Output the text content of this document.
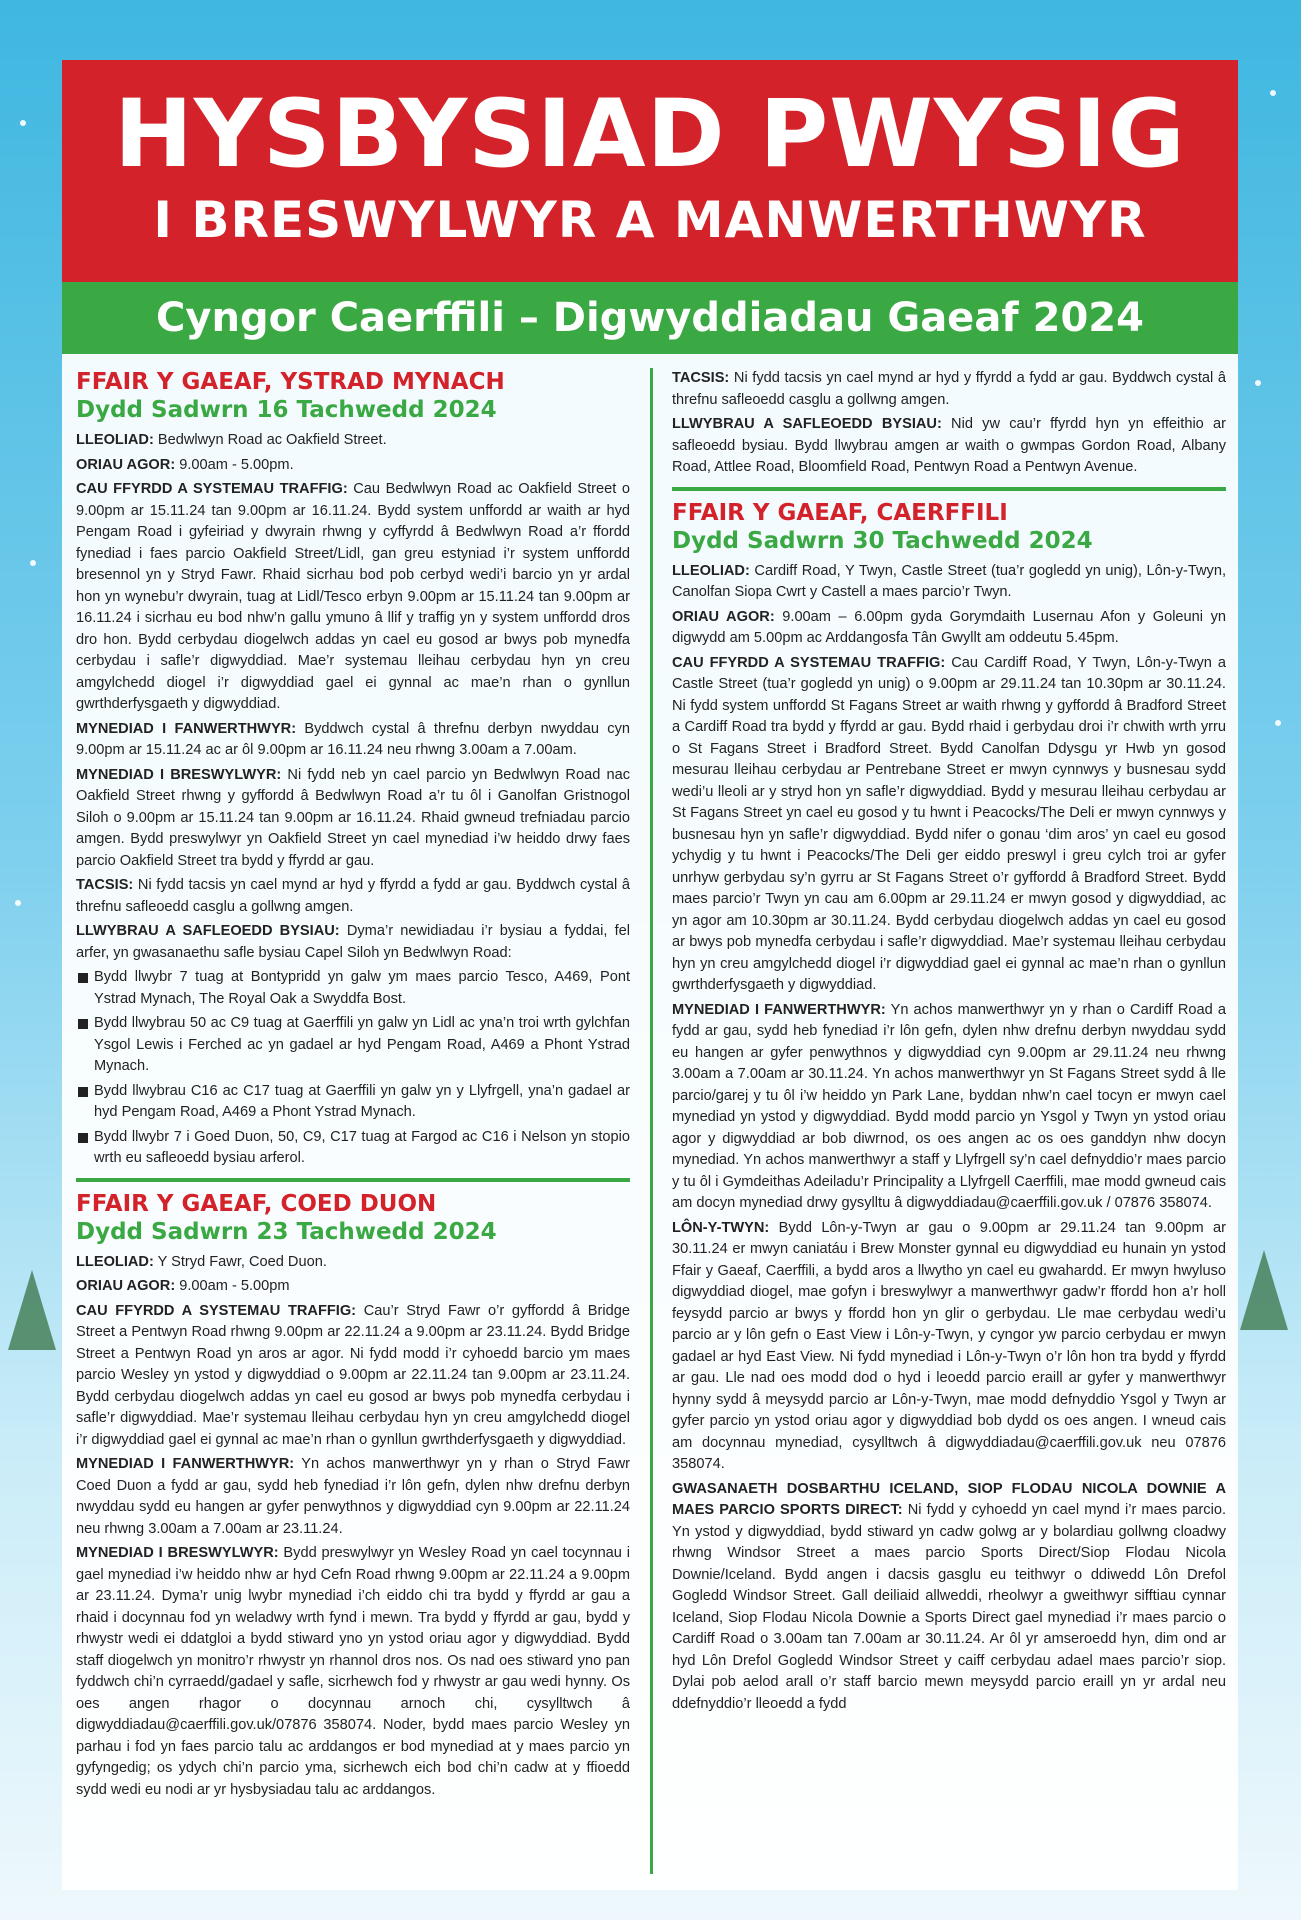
HYSBYSIAD PWYSIG
I BRESWYLWYR A MANWERTHWYR
Cyngor Caerffili – Digwyddiadau Gaeaf 2024
FFAIR Y GAEAF, YSTRAD MYNACH
Dydd Sadwrn 16 Tachwedd 2024

LLEOLIAD: Bedwlwyn Road ac Oakfield Street.

ORIAU AGOR: 9.00am - 5.00pm.

CAU FFYRDD A SYSTEMAU TRAFFIG: Cau Bedwlwyn Road ac Oakfield Street o 9.00pm ar 15.11.24 tan 9.00pm ar 16.11.24. Bydd system unffordd ar waith ar hyd Pengam Road i gyfeiriad y dwyrain rhwng y cyffyrdd â Bedwlwyn Road a’r ffordd fynediad i faes parcio Oakfield Street/Lidl, gan greu estyniad i’r system unffordd bresennol yn y Stryd Fawr. Rhaid sicrhau bod pob cerbyd wedi’i barcio yn yr ardal hon yn wynebu’r dwyrain, tuag at Lidl/Tesco erbyn 9.00pm ar 15.11.24 tan 9.00pm ar 16.11.24 i sicrhau eu bod nhw’n gallu ymuno â llif y traffig yn y system unffordd dros dro hon. Bydd cerbydau diogelwch addas yn cael eu gosod ar bwys pob mynedfa cerbydau i safle’r digwyddiad. Mae’r systemau lleihau cerbydau hyn yn creu amgylchedd diogel i’r digwyddiad gael ei gynnal ac mae’n rhan o gynllun gwrthderfysgaeth y digwyddiad.

MYNEDIAD I FANWERTHWYR: Byddwch cystal â threfnu derbyn nwyddau cyn 9.00pm ar 15.11.24 ac ar ôl 9.00pm ar 16.11.24 neu rhwng 3.00am a 7.00am.

MYNEDIAD I BRESWYLWYR: Ni fydd neb yn cael parcio yn Bedwlwyn Road nac Oakfield Street rhwng y gyffordd â Bedwlwyn Road a’r tu ôl i Ganolfan Gristnogol Siloh o 9.00pm ar 15.11.24 tan 9.00pm ar 16.11.24. Rhaid gwneud trefniadau parcio amgen. Bydd preswylwyr yn Oakfield Street yn cael mynediad i’w heiddo drwy faes parcio Oakfield Street tra bydd y ffyrdd ar gau.

TACSIS: Ni fydd tacsis yn cael mynd ar hyd y ffyrdd a fydd ar gau. Byddwch cystal â threfnu safleoedd casglu a gollwng amgen.

LLWYBRAU A SAFLEOEDD BYSIAU: Dyma’r newidiadau i’r bysiau a fyddai, fel arfer, yn gwasanaethu safle bysiau Capel Siloh yn Bedwlwyn Road:

Bydd llwybr 7 tuag at Bontypridd yn galw ym maes parcio Tesco, A469, Pont Ystrad Mynach, The Royal Oak a Swyddfa Bost.
Bydd llwybrau 50 ac C9 tuag at Gaerffili yn galw yn Lidl ac yna’n troi wrth gylchfan Ysgol Lewis i Ferched ac yn gadael ar hyd Pengam Road, A469 a Phont Ystrad Mynach.
Bydd llwybrau C16 ac C17 tuag at Gaerffili yn galw yn y Llyfrgell, yna’n gadael ar hyd Pengam Road, A469 a Phont Ystrad Mynach.
Bydd llwybr 7 i Goed Duon, 50, C9, C17 tuag at Fargod ac C16 i Nelson yn stopio wrth eu safleoedd bysiau arferol.
FFAIR Y GAEAF, COED DUON
Dydd Sadwrn 23 Tachwedd 2024

LLEOLIAD: Y Stryd Fawr, Coed Duon.

ORIAU AGOR: 9.00am - 5.00pm

CAU FFYRDD A SYSTEMAU TRAFFIG: Cau’r Stryd Fawr o’r gyffordd â Bridge Street a Pentwyn Road rhwng 9.00pm ar 22.11.24 a 9.00pm ar 23.11.24. Bydd Bridge Street a Pentwyn Road yn aros ar agor. Ni fydd modd i’r cyhoedd barcio ym maes parcio Wesley yn ystod y digwyddiad o 9.00pm ar 22.11.24 tan 9.00pm ar 23.11.24. Bydd cerbydau diogelwch addas yn cael eu gosod ar bwys pob mynedfa cerbydau i safle’r digwyddiad. Mae’r systemau lleihau cerbydau hyn yn creu amgylchedd diogel i’r digwyddiad gael ei gynnal ac mae’n rhan o gynllun gwrthderfysgaeth y digwyddiad.

MYNEDIAD I FANWERTHWYR: Yn achos manwerthwyr yn y rhan o Stryd Fawr Coed Duon a fydd ar gau, sydd heb fynediad i’r lôn gefn, dylen nhw drefnu derbyn nwyddau sydd eu hangen ar gyfer penwythnos y digwyddiad cyn 9.00pm ar 22.11.24 neu rhwng 3.00am a 7.00am ar 23.11.24.

MYNEDIAD I BRESWYLWYR: Bydd preswylwyr yn Wesley Road yn cael tocynnau i gael mynediad i’w heiddo nhw ar hyd Cefn Road rhwng 9.00pm ar 22.11.24 a 9.00pm ar 23.11.24. Dyma’r unig lwybr mynediad i’ch eiddo chi tra bydd y ffyrdd ar gau a rhaid i docynnau fod yn weladwy wrth fynd i mewn. Tra bydd y ffyrdd ar gau, bydd y rhwystr wedi ei ddatgloi a bydd stiward yno yn ystod oriau agor y digwyddiad. Bydd staff diogelwch yn monitro’r rhwystr yn rhannol dros nos. Os nad oes stiward yno pan fyddwch chi’n cyrraedd/gadael y safle, sicrhewch fod y rhwystr ar gau wedi hynny. Os oes angen rhagor o docynnau arnoch chi, cysylltwch â digwyddiadau@caerffili.gov.uk/07876 358074. Noder, bydd maes parcio Wesley yn parhau i fod yn faes parcio talu ac arddangos er bod mynediad at y maes parcio yn gyfyngedig; os ydych chi’n parcio yma, sicrhewch eich bod chi’n cadw at y ffioedd sydd wedi eu nodi ar yr hysbysiadau talu ac arddangos.

TACSIS: Ni fydd tacsis yn cael mynd ar hyd y ffyrdd a fydd ar gau. Byddwch cystal â threfnu safleoedd casglu a gollwng amgen.

LLWYBRAU A SAFLEOEDD BYSIAU: Nid yw cau’r ffyrdd hyn yn effeithio ar safleoedd bysiau. Bydd llwybrau amgen ar waith o gwmpas Gordon Road, Albany Road, Attlee Road, Bloomfield Road, Pentwyn Road a Pentwyn Avenue.

FFAIR Y GAEAF, CAERFFILI
Dydd Sadwrn 30 Tachwedd 2024

LLEOLIAD: Cardiff Road, Y Twyn, Castle Street (tua’r gogledd yn unig), Lôn-y-Twyn, Canolfan Siopa Cwrt y Castell a maes parcio’r Twyn.

ORIAU AGOR: 9.00am – 6.00pm gyda Gorymdaith Lusernau Afon y Goleuni yn digwydd am 5.00pm ac Arddangosfa Tân Gwyllt am oddeutu 5.45pm.

CAU FFYRDD A SYSTEMAU TRAFFIG: Cau Cardiff Road, Y Twyn, Lôn-y-Twyn a Castle Street (tua’r gogledd yn unig) o 9.00pm ar 29.11.24 tan 10.30pm ar 30.11.24. Ni fydd system unffordd St Fagans Street ar waith rhwng y gyffordd â Bradford Street a Cardiff Road tra bydd y ffyrdd ar gau. Bydd rhaid i gerbydau droi i’r chwith wrth yrru o St Fagans Street i Bradford Street. Bydd Canolfan Ddysgu yr Hwb yn gosod mesurau lleihau cerbydau ar Pentrebane Street er mwyn cynnwys y busnesau sydd wedi’u lleoli ar y stryd hon yn safle’r digwyddiad. Bydd y mesurau lleihau cerbydau ar St Fagans Street yn cael eu gosod y tu hwnt i Peacocks/The Deli er mwyn cynnwys y busnesau hyn yn safle’r digwyddiad. Bydd nifer o gonau ‘dim aros’ yn cael eu gosod ychydig y tu hwnt i Peacocks/The Deli ger eiddo preswyl i greu cylch troi ar gyfer unrhyw gerbydau sy’n gyrru ar St Fagans Street o’r gyffordd â Bradford Street. Bydd maes parcio’r Twyn yn cau am 6.00pm ar 29.11.24 er mwyn gosod y digwyddiad, ac yn agor am 10.30pm ar 30.11.24. Bydd cerbydau diogelwch addas yn cael eu gosod ar bwys pob mynedfa cerbydau i safle’r digwyddiad. Mae’r systemau lleihau cerbydau hyn yn creu amgylchedd diogel i’r digwyddiad gael ei gynnal ac mae’n rhan o gynllun gwrthderfysgaeth y digwyddiad.

MYNEDIAD I FANWERTHWYR: Yn achos manwerthwyr yn y rhan o Cardiff Road a fydd ar gau, sydd heb fynediad i’r lôn gefn, dylen nhw drefnu derbyn nwyddau sydd eu hangen ar gyfer penwythnos y digwyddiad cyn 9.00pm ar 29.11.24 neu rhwng 3.00am a 7.00am ar 30.11.24. Yn achos manwerthwyr yn St Fagans Street sydd â lle parcio/garej y tu ôl i’w heiddo yn Park Lane, byddan nhw’n cael tocyn er mwyn cael mynediad yn ystod y digwyddiad. Bydd modd parcio yn Ysgol y Twyn yn ystod oriau agor y digwyddiad ar bob diwrnod, os oes angen ac os oes ganddyn nhw docyn mynediad. Yn achos manwerthwyr a staff y Llyfrgell sy’n cael defnyddio’r maes parcio y tu ôl i Gymdeithas Adeiladu’r Principality a Llyfrgell Caerffili, mae modd gwneud cais am docyn mynediad drwy gysylltu â digwyddiadau@caerffili.gov.uk / 07876 358074.

LÔN-Y-TWYN: Bydd Lôn-y-Twyn ar gau o 9.00pm ar 29.11.24 tan 9.00pm ar 30.11.24 er mwyn caniatáu i Brew Monster gynnal eu digwyddiad eu hunain yn ystod Ffair y Gaeaf, Caerffili, a bydd aros a llwytho yn cael eu gwahardd. Er mwyn hwyluso digwyddiad diogel, mae gofyn i breswylwyr a manwerthwyr gadw’r ffordd hon a’r holl feysydd parcio ar bwys y ffordd hon yn glir o gerbydau. Lle mae cerbydau wedi’u parcio ar y lôn gefn o East View i Lôn-y-Twyn, y cyngor yw parcio cerbydau er mwyn gadael ar hyd East View. Ni fydd mynediad i Lôn-y-Twyn o’r lôn hon tra bydd y ffyrdd ar gau. Lle nad oes modd dod o hyd i leoedd parcio eraill ar gyfer y manwerthwyr hynny sydd â meysydd parcio ar Lôn-y-Twyn, mae modd defnyddio Ysgol y Twyn ar gyfer parcio yn ystod oriau agor y digwyddiad bob dydd os oes angen. I wneud cais am docynnau mynediad, cysylltwch â digwyddiadau@caerffili.gov.uk neu 07876 358074.

GWASANAETH DOSBARTHU ICELAND, SIOP FLODAU NICOLA DOWNIE A MAES PARCIO SPORTS DIRECT: Ni fydd y cyhoedd yn cael mynd i’r maes parcio. Yn ystod y digwyddiad, bydd stiward yn cadw golwg ar y bolardiau gollwng cloadwy rhwng Windsor Street a maes parcio Sports Direct/Siop Flodau Nicola Downie/Iceland. Bydd angen i dacsis gasglu eu teithwyr o ddiwedd Lôn Drefol Gogledd Windsor Street. Gall deiliaid allweddi, rheolwyr a gweithwyr sifftiau cynnar Iceland, Siop Flodau Nicola Downie a Sports Direct gael mynediad i’r maes parcio o Cardiff Road o 3.00am tan 7.00am ar 30.11.24. Ar ôl yr amseroedd hyn, dim ond ar hyd Lôn Drefol Gogledd Windsor Street y caiff cerbydau adael maes parcio’r siop. Dylai pob aelod arall o’r staff barcio mewn meysydd parcio eraill yn yr ardal neu ddefnyddio’r lleoedd a fydd
